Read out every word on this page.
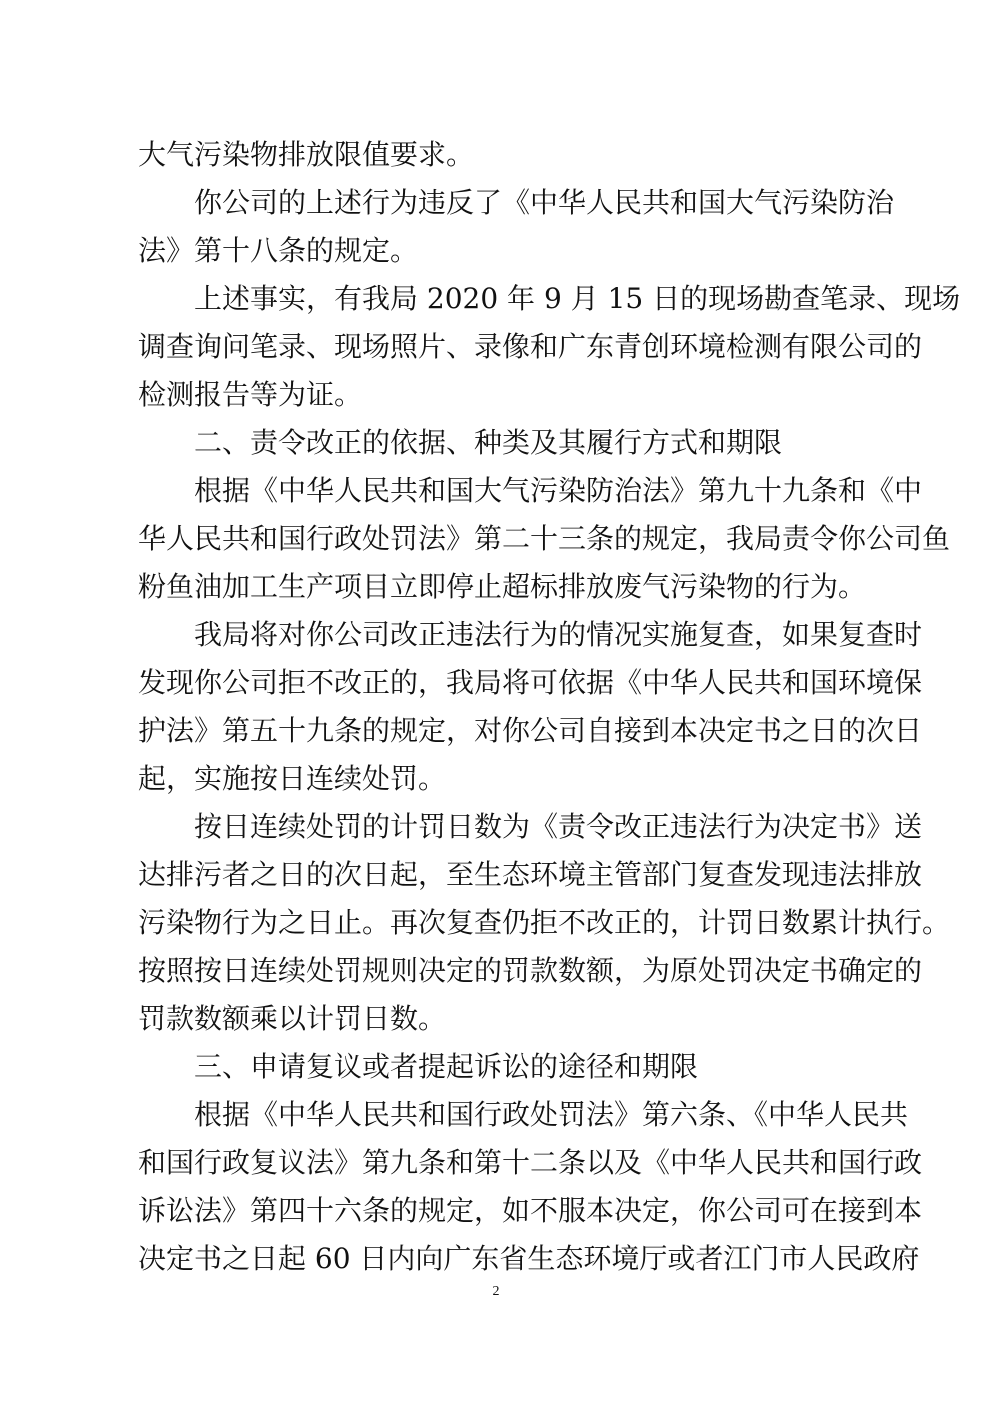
大气污染物排放限值要求。
你公司的上述行为违反了《中华人民共和国大气污染防治
法》第十八条的规定。
上述事实，有我局 2020 年 9 月 15 日的现场勘查笔录、现场
调查询问笔录、现场照片、录像和广东青创环境检测有限公司的
检测报告等为证。
二、责令改正的依据、种类及其履行方式和期限
根据《中华人民共和国大气污染防治法》第九十九条和《中
华人民共和国行政处罚法》第二十三条的规定，我局责令你公司鱼
粉鱼油加工生产项目立即停止超标排放废气污染物的行为。
我局将对你公司改正违法行为的情况实施复查，如果复查时
发现你公司拒不改正的，我局将可依据《中华人民共和国环境保
护法》第五十九条的规定，对你公司自接到本决定书之日的次日
起，实施按日连续处罚。
按日连续处罚的计罚日数为《责令改正违法行为决定书》送
达排污者之日的次日起，至生态环境主管部门复查发现违法排放
污染物行为之日止。再次复查仍拒不改正的，计罚日数累计执行。
按照按日连续处罚规则决定的罚款数额，为原处罚决定书确定的
罚款数额乘以计罚日数。
三、申请复议或者提起诉讼的途径和期限
根据《中华人民共和国行政处罚法》第六条、《中华人民共
和国行政复议法》第九条和第十二条以及《中华人民共和国行政
诉讼法》第四十六条的规定，如不服本决定，你公司可在接到本
决定书之日起 60 日内向广东省生态环境厅或者江门市人民政府
2
